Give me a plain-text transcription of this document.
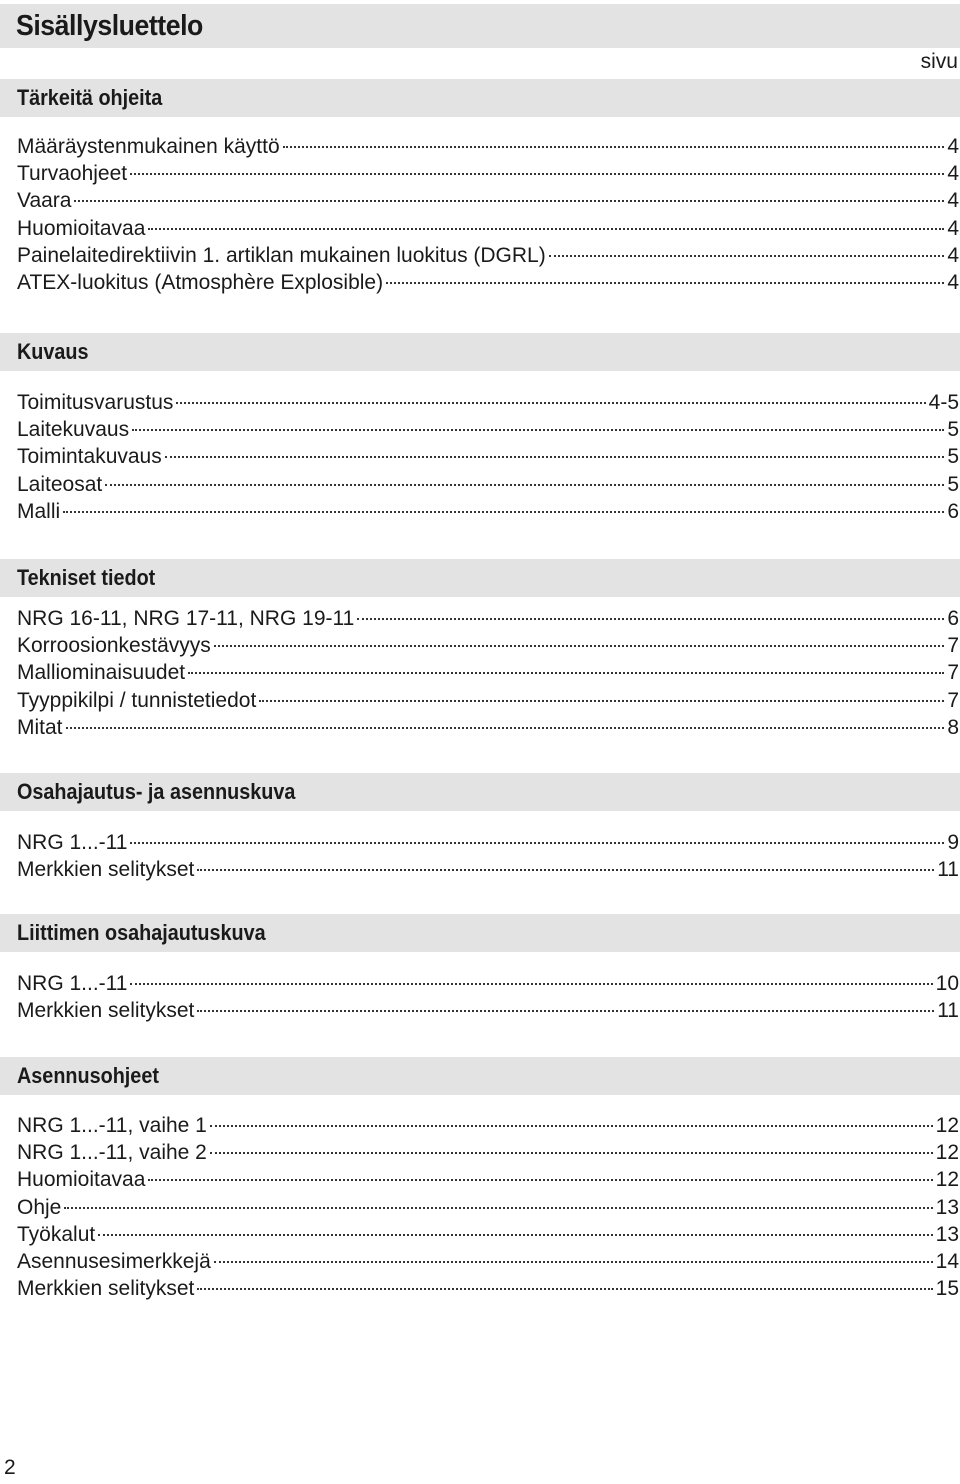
Sisällysluettelo
sivu
Tärkeitä ohjeita
Määräystenmukainen käyttö	4
Turvaohjeet	4
Vaara	4
Huomioitavaa	4
Painelaitedirektiivin 1. artiklan mukainen luokitus (DGRL)	4
ATEX-luokitus (Atmosphère Explosible)	4
Kuvaus
Toimitusvarustus	4-5
Laitekuvaus	5
Toimintakuvaus	5
Laiteosat	5
Malli	6
Tekniset tiedot
NRG 16-11, NRG 17-11, NRG 19-11	6
Korroosionkestävyys	7
Malliominaisuudet	7
Tyyppikilpi / tunnistetiedot	7
Mitat	8
Osahajautus- ja asennuskuva
NRG 1...-11	9
Merkkien selitykset	11
Liittimen osahajautuskuva
NRG 1...-11	10
Merkkien selitykset	11
Asennusohjeet
NRG 1...-11, vaihe 1	12
NRG 1...-11, vaihe 2	12
Huomioitavaa	12
Ohje	13
Työkalut	13
Asennusesimerkkejä	14
Merkkien selitykset	15
2
